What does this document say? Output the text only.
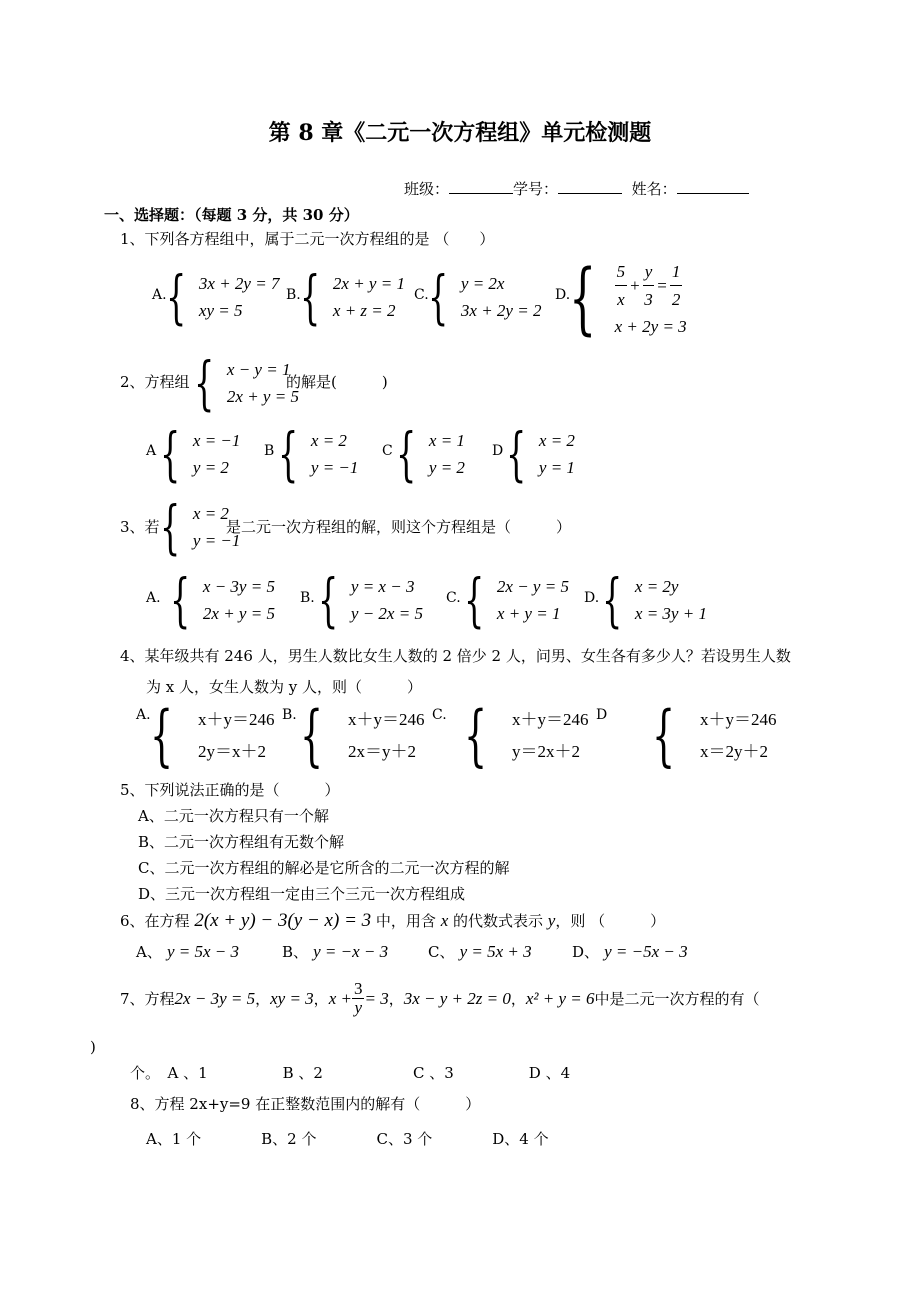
第 8 章《二元一次方程组》单元检测题
班级：	学号：	姓名：
一、选择题：（每题 3 分，共 30 分）
1、下列各方程组中，属于二元一次方程组的是 （　　）
A. { 3x + 2y = 7
xy = 5
B. { 2x + y = 1
x + z = 2
C. { y = 2x
3x + 2y = 2
D.
{ $\frac{5}{x} + \frac{y}{3} = \frac{1}{2}$
x + 2y = 3
2、方程组 { x − y = 1
2x + y = 5
的解是(　　　)
A { x = −1
y = 2
B { x = 2
y = −1
C { x = 1
y = 2
D { x = 2
y = 1
3、若 { x = 2
y = −1
是二元一次方程组的解，则这个方程组是（　　　）
A. { x − 3y = 5
2x + y = 5
B. { y = x − 3
y − 2x = 5
C. { 2x − y = 5
x + y = 1
D. { x = 2y
x = 3y + 1
4、某年级共有 246 人，男生人数比女生人数的 2 倍少 2 人，问男、女生各有多少人？若设男生人数
为 x 人，女生人数为 y 人，则（　　　）
A. { x＋y＝246
2y＝x＋2
B. { x＋y＝246
2x＝y＋2
C. { x＋y＝246
y＝2x＋2
D { x＋y＝246
x＝2y＋2
5、下列说法正确的是（　　　）
A、二元一次方程只有一个解
B、二元一次方程组有无数个解
C、二元一次方程组的解必是它所含的二元一次方程的解
D、三元一次方程组一定由三个三元一次方程组成
6、在方程 2(x + y) − 3(y − x) = 3 中，用含 x 的代数式表示 y，则 （　　　）
A、 y = 5x − 3	B、 y = −x − 3	C、 y = 5x + 3	D、 y = −5x − 3
7、方程 2x − 3y = 5 ， xy = 3 ， $x + \frac{3}{y} = 3$ ， 3x − y + 2z = 0 ， x² + y = 6 中是二元一次方程的有（
)
个。　A 、1　　　　　B 、2　　　　　　C 、3　　　　　D 、4
8、方程 2x+y=9 在正整数范围内的解有（　　　）
A、1 个　　　　B、2 个　　　　C、3 个　　　　D、4 个
